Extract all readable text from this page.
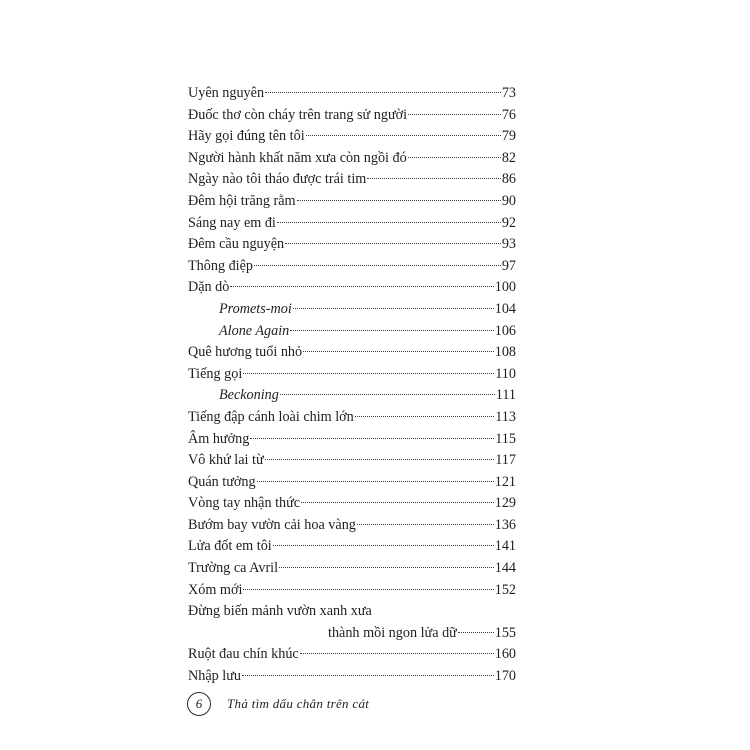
Uyên nguyên	73
Đuốc thơ còn cháy trên trang sử người	76
Hãy gọi đúng tên tôi	79
Người hành khất năm xưa còn ngồi đó	82
Ngày nào tôi tháo được trái tim	86
Đêm hội trăng rằm	90
Sáng nay em đi	92
Đêm cầu nguyện	93
Thông điệp	97
Dặn dò	100
Promets-moi	104
Alone Again	106
Quê hương tuổi nhỏ	108
Tiếng gọi	110
Beckoning	111
Tiếng đập cánh loài chim lớn	113
Âm hưởng	115
Vô khứ lai từ	117
Quán tưởng	121
Vòng tay nhận thức	129
Bướm bay vườn cải hoa vàng	136
Lửa đốt em tôi	141
Trường ca Avril	144
Xóm mới	152
Đừng biến mảnh vườn xanh xưa
thành mồi ngon lửa dữ	155
Ruột đau chín khúc	160
Nhập lưu	170
6	Thả tìm dấu chân trên cát
